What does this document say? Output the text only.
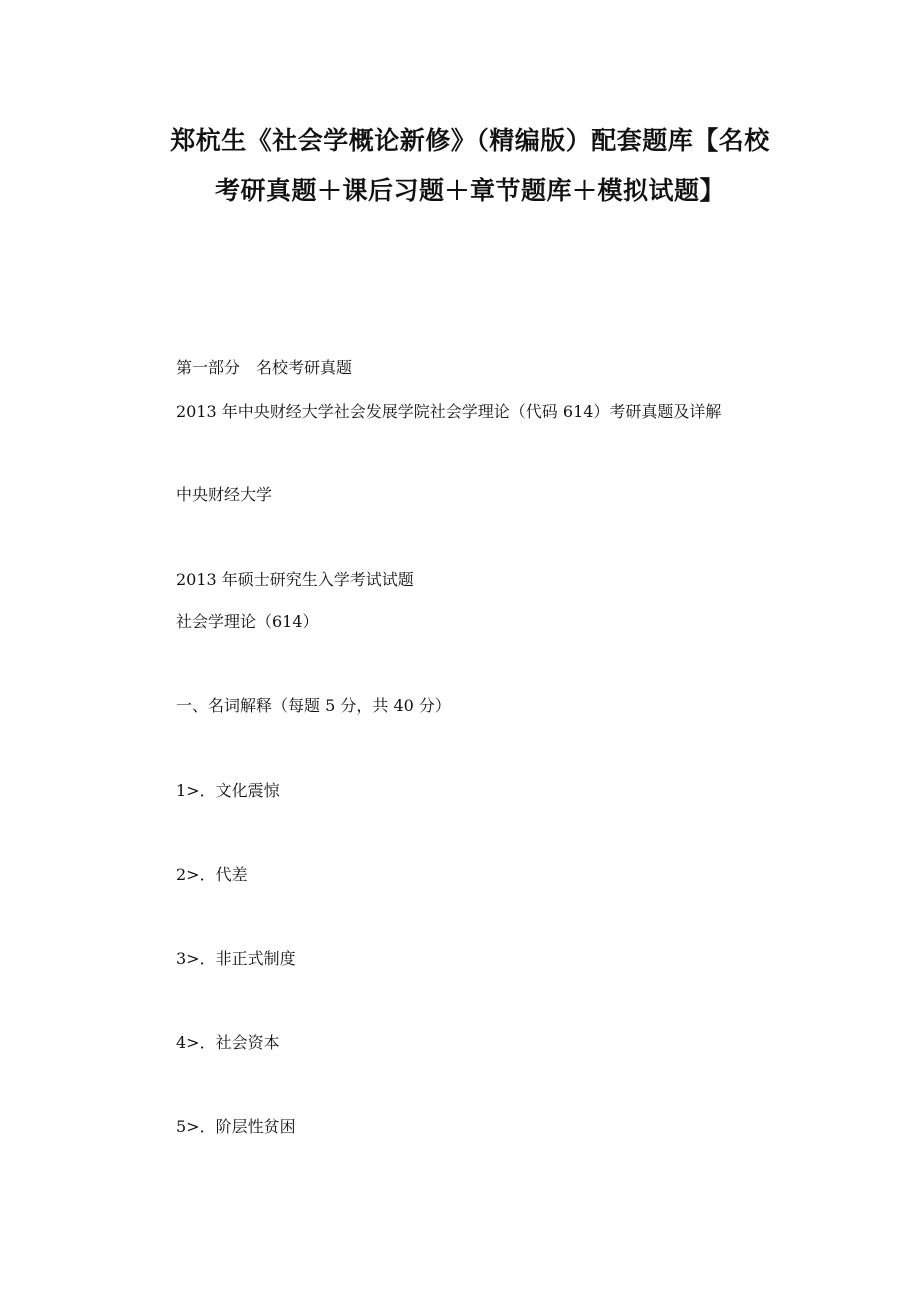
郑杭生《社会学概论新修》（精编版）配套题库【名校
考研真题＋课后习题＋章节题库＋模拟试题】
第一部分　名校考研真题
2013 年中央财经大学社会发展学院社会学理论（代码 614）考研真题及详解
中央财经大学
2013 年硕士研究生入学考试试题
社会学理论（614）
一、名词解释（每题 5 分，共 40 分）
1>．文化震惊
2>．代差
3>．非正式制度
4>．社会资本
5>．阶层性贫困
